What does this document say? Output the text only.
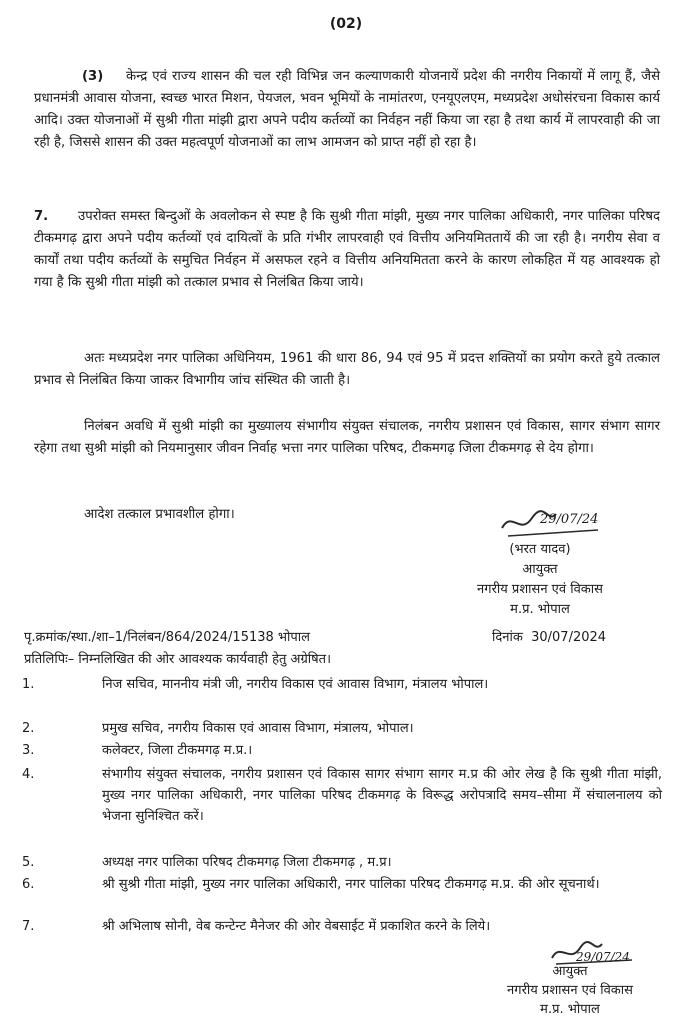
(02)
(3) केन्द्र एवं राज्य शासन की चल रही विभिन्न जन कल्याणकारी योजनायें प्रदेश की नगरीय निकायों में लागू हैं, जैसे प्रधानमंत्री आवास योजना, स्वच्छ भारत मिशन, पेयजल, भवन भूमियों के नामांतरण, एनयूएलएम, मध्यप्रदेश अधोसंरचना विकास कार्य आदि। उक्त योजनाओं में सुश्री गीता मांझी द्वारा अपने पदीय कर्तव्यों का निर्वहन नहीं किया जा रहा है तथा कार्य में लापरवाही की जा रही है, जिससे शासन की उक्त महत्वपूर्ण योजनाओं का लाभ आमजन को प्राप्त नहीं हो रहा है।
7. उपरोक्त समस्त बिन्दुओं के अवलोकन से स्पष्ट है कि सुश्री गीता मांझी, मुख्य नगर पालिका अधिकारी, नगर पालिका परिषद टीकमगढ़ द्वारा अपने पदीय कर्तव्यों एवं दायित्वों के प्रति गंभीर लापरवाही एवं वित्तीय अनियमिततायें की जा रही है। नगरीय सेवा व कार्यों तथा पदीय कर्तव्यों के समुचित निर्वहन में असफल रहने व वित्तीय अनियमितता करने के कारण लोकहित में यह आवश्यक हो गया है कि सुश्री गीता मांझी को तत्काल प्रभाव से निलंबित किया जाये।
अतः मध्यप्रदेश नगर पालिका अधिनियम, 1961 की धारा 86, 94 एवं 95 में प्रदत्त शक्तियों का प्रयोग करते हुये तत्काल प्रभाव से निलंबित किया जाकर विभागीय जांच संस्थित की जाती है।
निलंबन अवधि में सुश्री मांझी का मुख्यालय संभागीय संयुक्त संचालक, नगरीय प्रशासन एवं विकास, सागर संभाग सागर रहेगा तथा सुश्री मांझी को नियमानुसार जीवन निर्वाह भत्ता नगर पालिका परिषद, टीकमगढ़ जिला टीकमगढ़ से देय होगा।
आदेश तत्काल प्रभावशील होगा।	29/07/24
(भरत यादव)
आयुक्त
नगरीय प्रशासन एवं विकास
म.प्र. भोपाल
पृ.क्रमांक/स्था./शा–1/निलंबन/864/2024/15138 भोपाल	दिनांक 30/07/2024
प्रतिलिपिः– निम्नलिखित की ओर आवश्यक कार्यवाही हेतु अग्रेषित।
1.	निज सचिव, माननीय मंत्री जी, नगरीय विकास एवं आवास विभाग, मंत्रालय भोपाल।
2.	प्रमुख सचिव, नगरीय विकास एवं आवास विभाग, मंत्रालय, भोपाल।
3.	कलेक्टर, जिला टीकमगढ़ म.प्र.।
4.	संभागीय संयुक्त संचालक, नगरीय प्रशासन एवं विकास सागर संभाग सागर म.प्र की ओर लेख है कि सुश्री गीता मांझी, मुख्य नगर पालिका अधिकारी, नगर पालिका परिषद टीकमगढ़ के विरूद्ध अरोपत्रादि समय–सीमा में संचालनालय को भेजना सुनिश्चित करें।
5.	अध्यक्ष नगर पालिका परिषद टीकमगढ़ जिला टीकमगढ़ , म.प्र।
6.	श्री सुश्री गीता मांझी, मुख्य नगर पालिका अधिकारी, नगर पालिका परिषद टीकमगढ़ म.प्र. की ओर सूचनार्थ।
7.	श्री अभिलाष सोनी, वेब कन्टेन्ट मैनेजर की ओर वेबसाईट में प्रकाशित करने के लिये।
29/07/24
आयुक्त
नगरीय प्रशासन एवं विकास
म.प्र. भोपाल
